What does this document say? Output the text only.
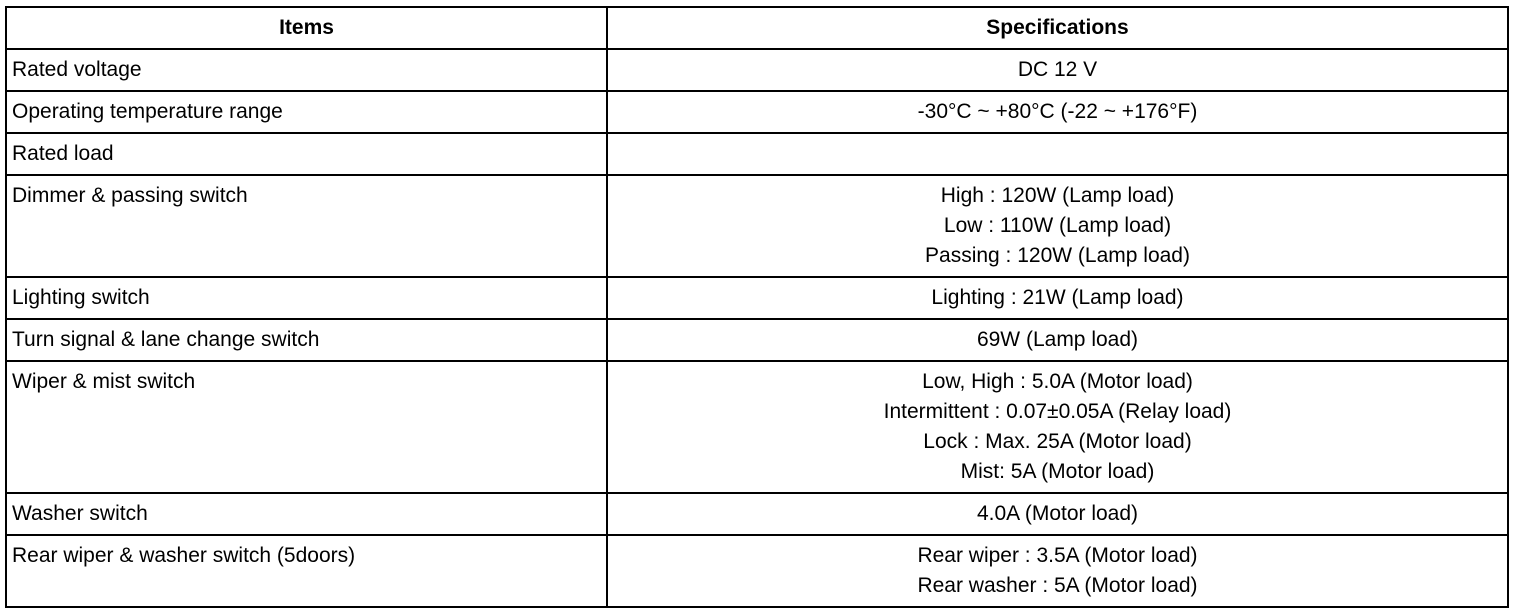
Items	Specifications
Rated voltage	DC 12 V

Operating temperature range	-30°C ~ +80°C (-22 ~ +176°F)

Rated load	
Dimmer & passing switch	High : 120W (Lamp load)
Low : 110W (Lamp load)
Passing : 120W (Lamp load)

Lighting switch	Lighting : 21W (Lamp load)

Turn signal & lane change switch	69W (Lamp load)

Wiper & mist switch	Low, High : 5.0A (Motor load)
Intermittent : 0.07±0.05A (Relay load)
Lock : Max. 25A (Motor load)
Mist: 5A (Motor load)

Washer switch	4.0A (Motor load)

Rear wiper & washer switch (5doors)	Rear wiper : 3.5A (Motor load)
Rear washer : 5A (Motor load)
